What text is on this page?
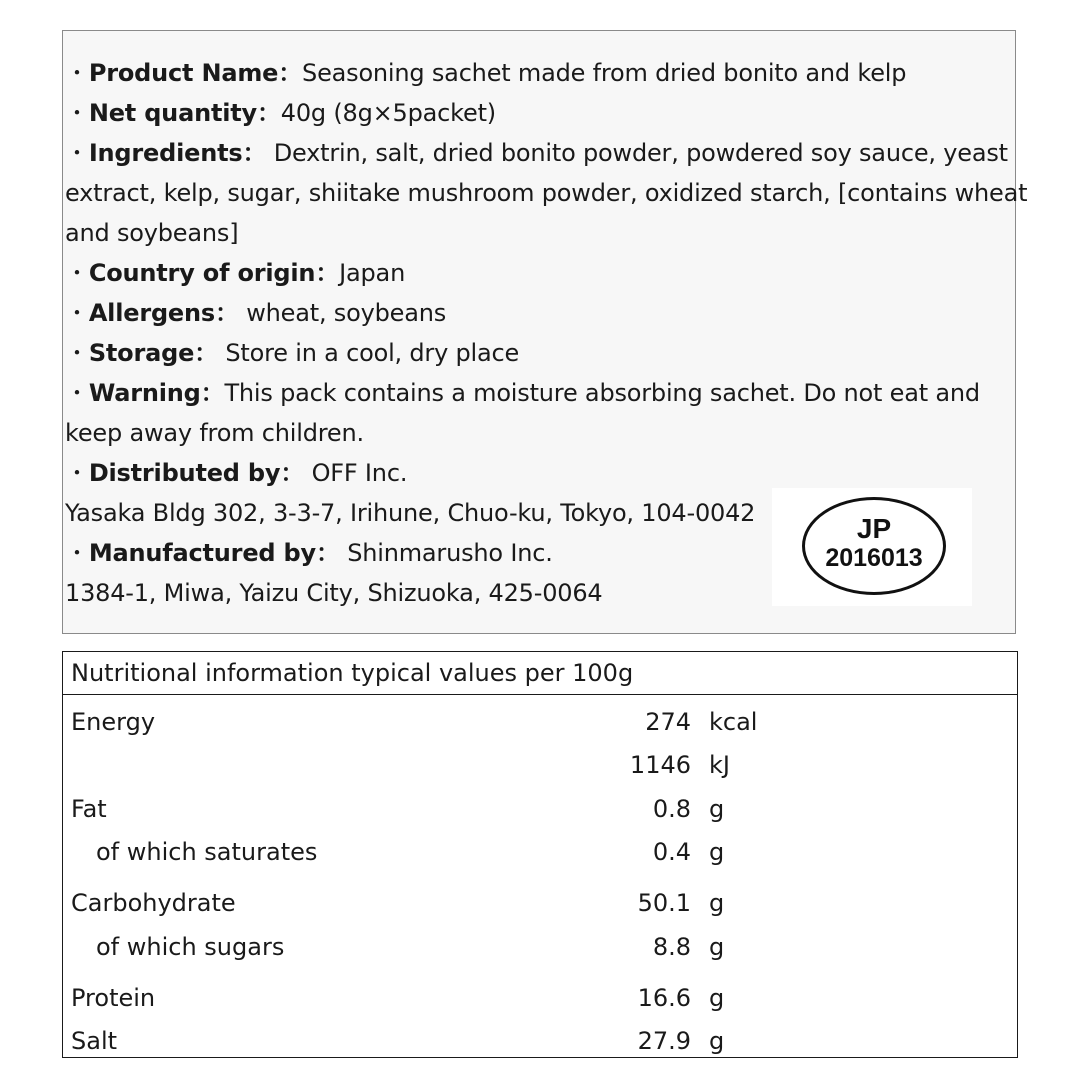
・Product Name：Seasoning sachet made from dried bonito and kelp
・Net quantity：40g (8g×5packet)
・Ingredients： Dextrin, salt, dried bonito powder, powdered soy sauce, yeast
extract, kelp, sugar, shiitake mushroom powder, oxidized starch, [contains wheat
and soybeans]
・Country of origin：Japan
・Allergens： wheat, soybeans
・Storage： Store in a cool, dry place
・Warning：This pack contains a moisture absorbing sachet. Do not eat and
keep away from children.
・Distributed by： OFF Inc.
Yasaka Bldg 302, 3-3-7, Irihune, Chuo-ku, Tokyo, 104-0042
・Manufactured by： Shinmarusho Inc.
1384-1, Miwa, Yaizu City, Shizuoka, 425-0064
JP
2016013
Nutritional information typical values per 100g
Energy	274 kcal
1146 kJ
Fat	0.8 g
of which saturates	0.4 g
Carbohydrate	50.1 g
of which sugars	8.8 g
Protein	16.6 g
Salt	27.9 g
